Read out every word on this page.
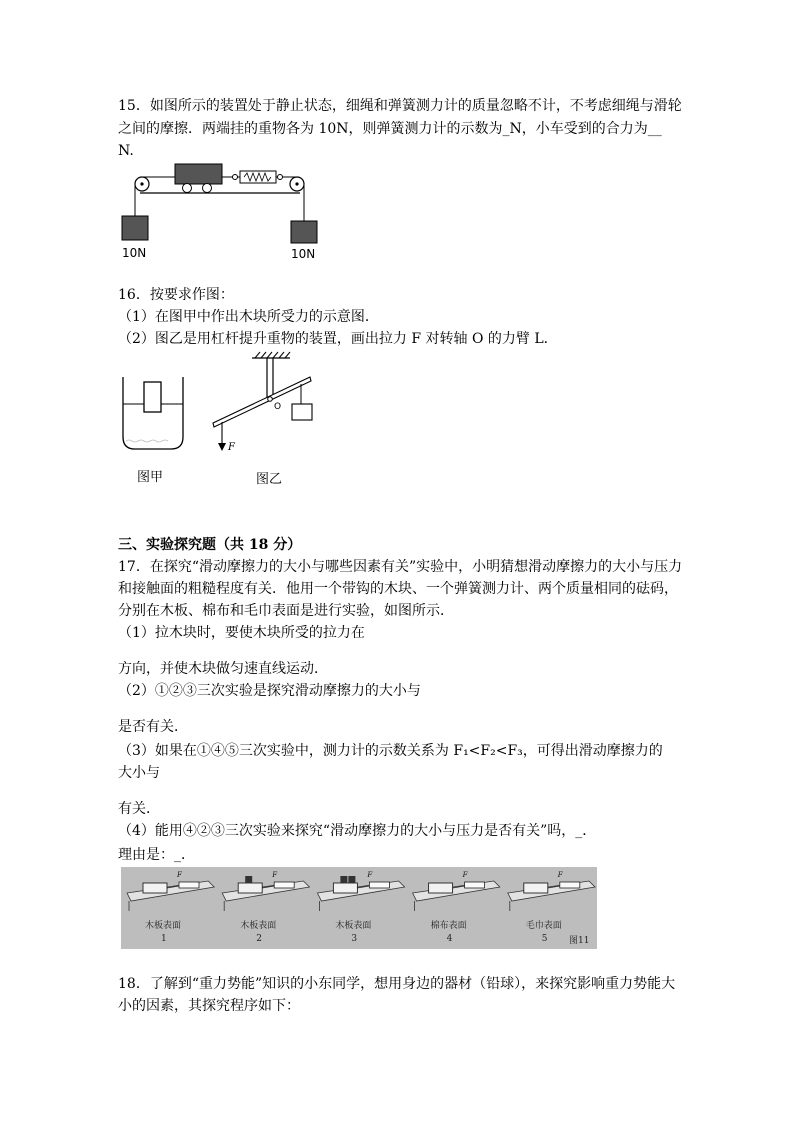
15．如图所示的装置处于静止状态，细绳和弹簧测力计的质量忽略不计，不考虑细绳与滑轮
之间的摩擦．两端挂的重物各为 10N，则弹簧测力计的示数为_N，小车受到的合力为__
N.
10N	10N
16．按要求作图：
（1）在图甲中作出木块所受力的示意图．
（2）图乙是用杠杆提升重物的装置，画出拉力 F 对转轴 O 的力臂 L．
图甲
O
F
图乙
三、实验探究题（共 18 分）
17．在探究“滑动摩擦力的大小与哪些因素有关”实验中，小明猜想滑动摩擦力的大小与压力
和接触面的粗糙程度有关．他用一个带钩的木块、一个弹簧测力计、两个质量相同的砝码，
分别在木板、棉布和毛巾表面是进行实验，如图所示．
（1）拉木块时，要使木块所受的拉力在
方向，并使木块做匀速直线运动．
（2）①②③三次实验是探究滑动摩擦力的大小与
是否有关．
（3）如果在①④⑤三次实验中，测力计的示数关系为 F₁<F₂<F₃，可得出滑动摩擦力的
大小与
有关．
（4）能用④②③三次实验来探究“滑动摩擦力的大小与压力是否有关”吗，_．
理由是：_．
F
木板表面
1
F
木板表面
2
F
木板表面
3
F
棉布表面
4
F
毛巾表面
5 图11
18．了解到“重力势能”知识的小东同学，想用身边的器材（铅球），来探究影响重力势能大
小的因素，其探究程序如下：
